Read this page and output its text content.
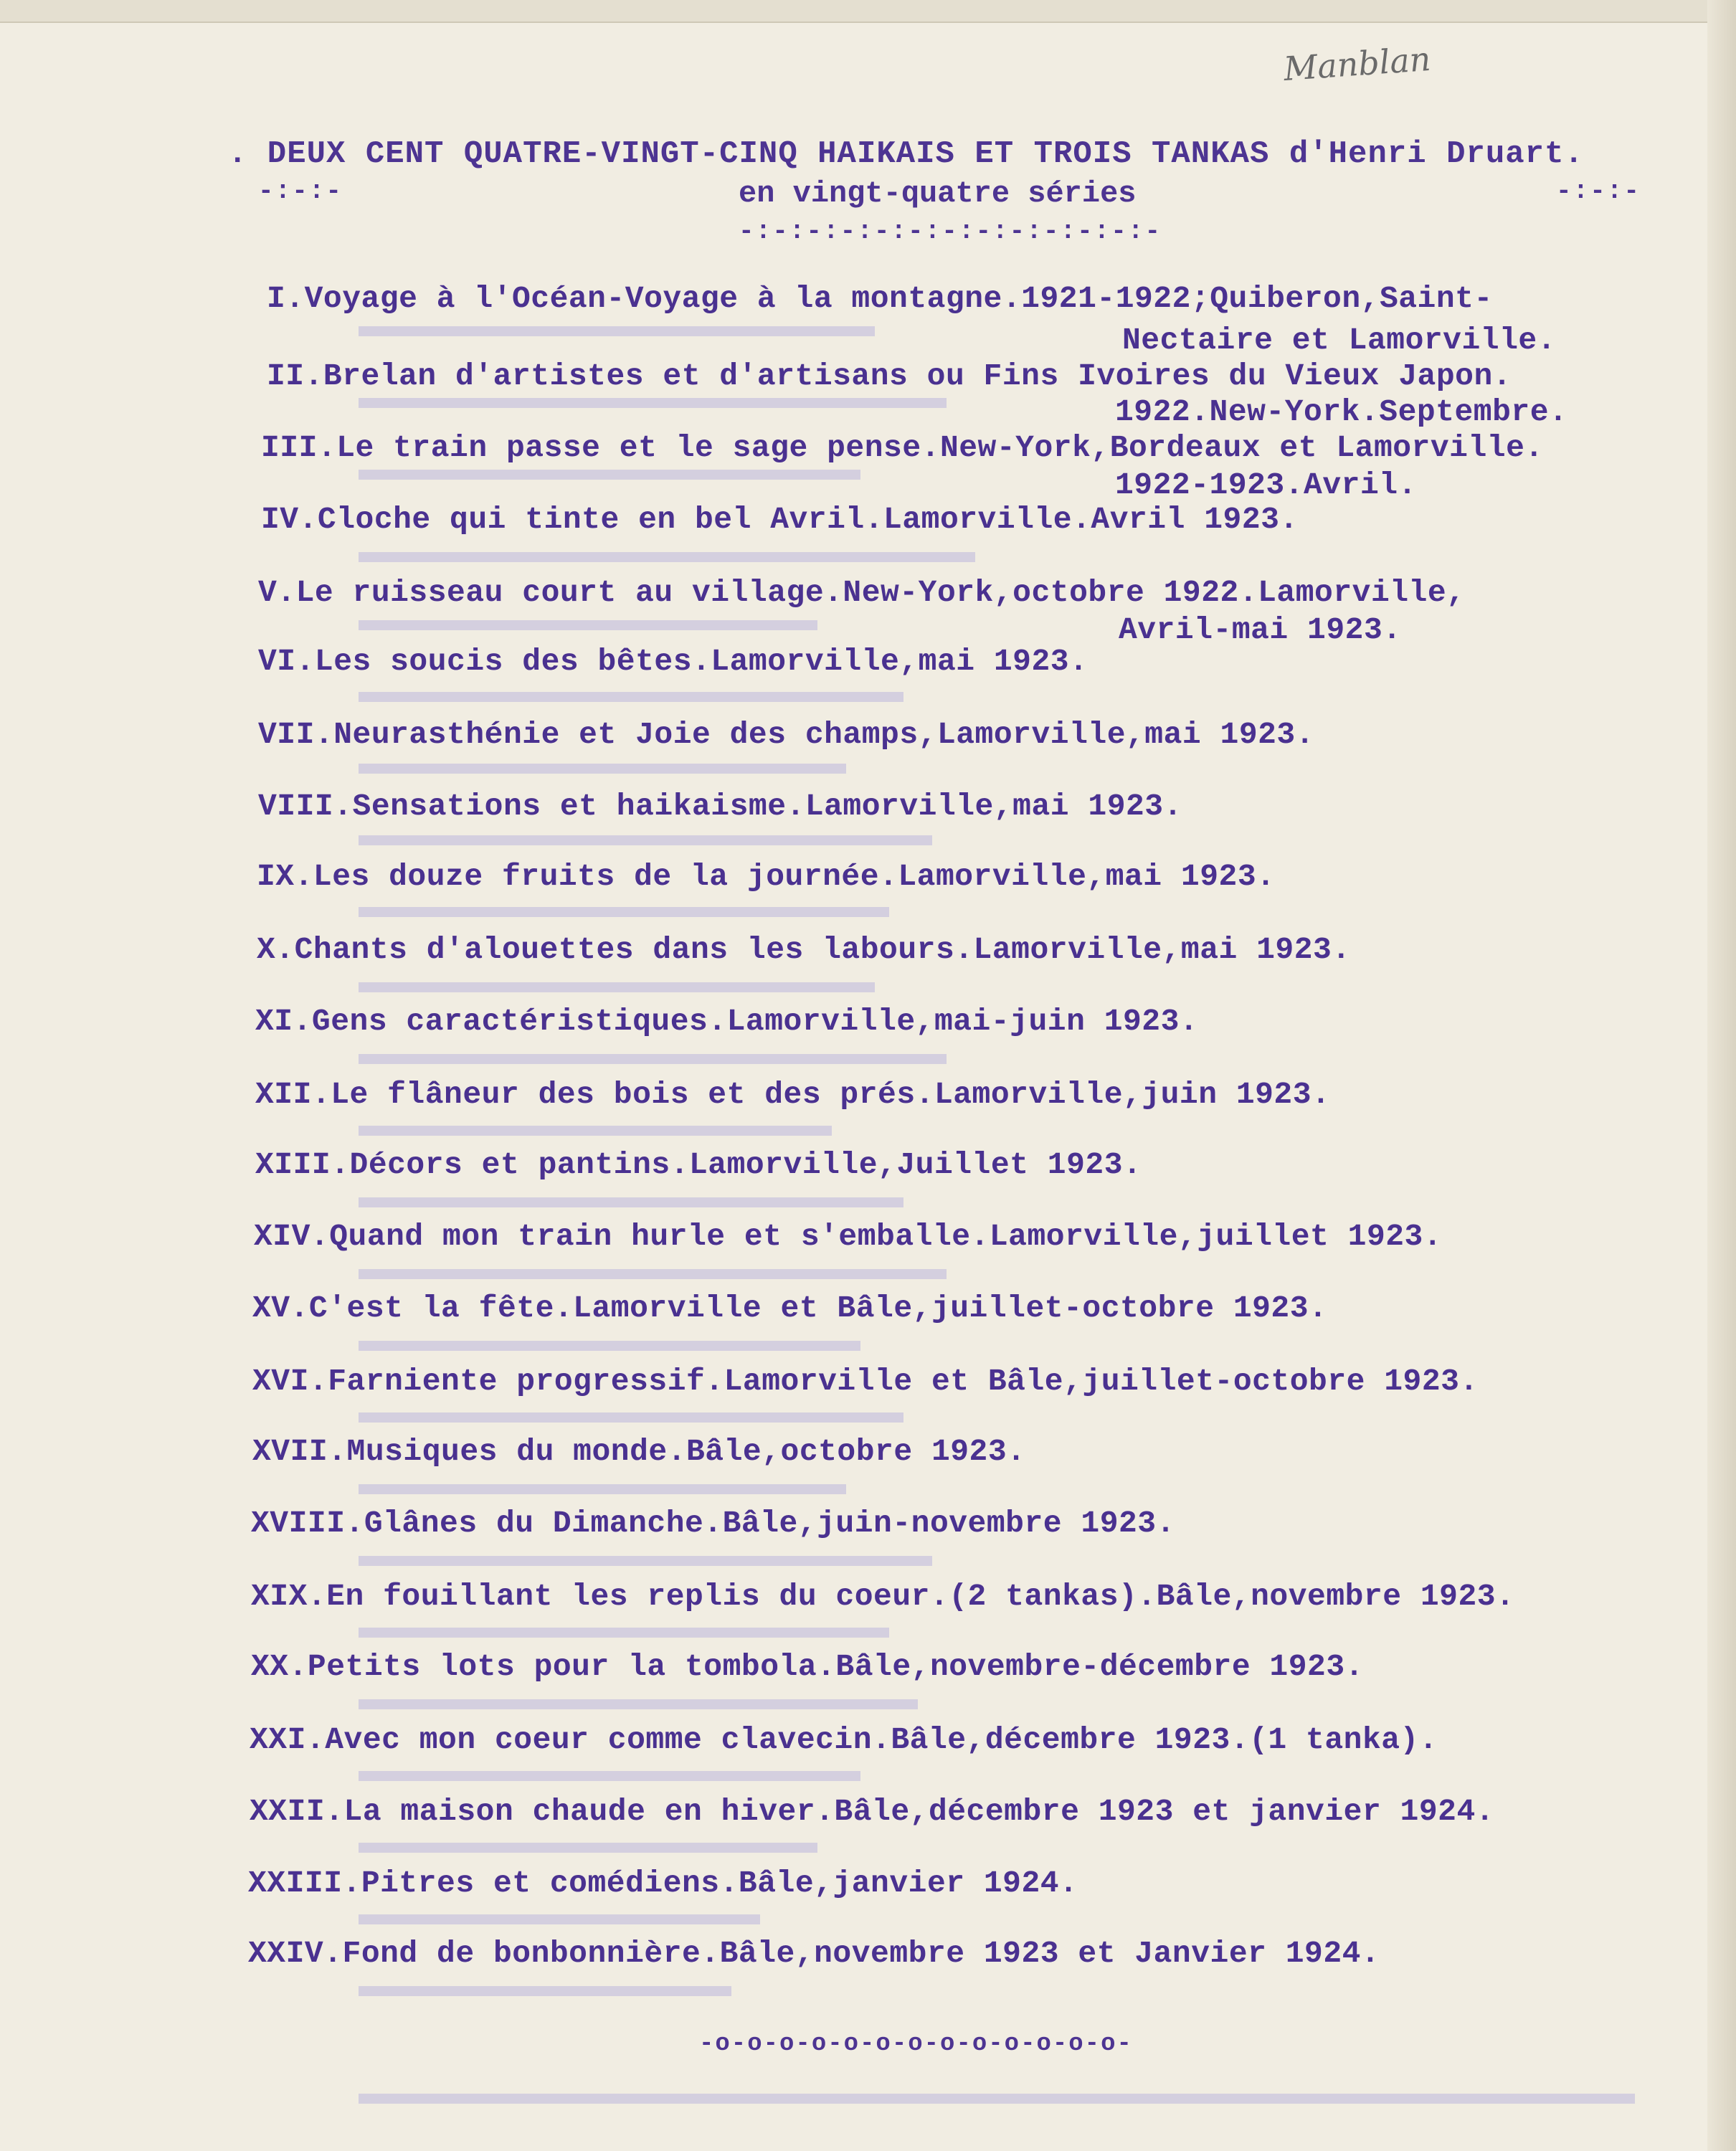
Manblan
. DEUX CENT QUATRE-VINGT-CINQ HAIKAIS ET TROIS TANKAS d'Henri Druart.
-:-:-	en vingt-quatre séries	-:-:-
-:-:-:-:-:-:-:-:-:-:-:-:-
I.Voyage à l'Océan-Voyage à la montagne.1921-1922;Quiberon,Saint-
Nectaire et Lamorville.
II.Brelan d'artistes et d'artisans ou Fins Ivoires du Vieux Japon.
1922.New-York.Septembre.
III.Le train passe et le sage pense.New-York,Bordeaux et Lamorville.
1922-1923.Avril.
IV.Cloche qui tinte en bel Avril.Lamorville.Avril 1923.
V.Le ruisseau court au village.New-York,octobre 1922.Lamorville,
Avril-mai 1923.
VI.Les soucis des bêtes.Lamorville,mai 1923.
VII.Neurasthénie et Joie des champs,Lamorville,mai 1923.
VIII.Sensations et haikaisme.Lamorville,mai 1923.
IX.Les douze fruits de la journée.Lamorville,mai 1923.
X.Chants d'alouettes dans les labours.Lamorville,mai 1923.
XI.Gens caractéristiques.Lamorville,mai-juin 1923.
XII.Le flâneur des bois et des prés.Lamorville,juin 1923.
XIII.Décors et pantins.Lamorville,Juillet 1923.
XIV.Quand mon train hurle et s'emballe.Lamorville,juillet 1923.
XV.C'est la fête.Lamorville et Bâle,juillet-octobre 1923.
XVI.Farniente progressif.Lamorville et Bâle,juillet-octobre 1923.
XVII.Musiques du monde.Bâle,octobre 1923.
XVIII.Glânes du Dimanche.Bâle,juin-novembre 1923.
XIX.En fouillant les replis du coeur.(2 tankas).Bâle,novembre 1923.
XX.Petits lots pour la tombola.Bâle,novembre-décembre 1923.
XXI.Avec mon coeur comme clavecin.Bâle,décembre 1923.(1 tanka).
XXII.La maison chaude en hiver.Bâle,décembre 1923 et janvier 1924.
XXIII.Pitres et comédiens.Bâle,janvier 1924.
XXIV.Fond de bonbonnière.Bâle,novembre 1923 et Janvier 1924.
-o-o-o-o-o-o-o-o-o-o-o-o-o-
